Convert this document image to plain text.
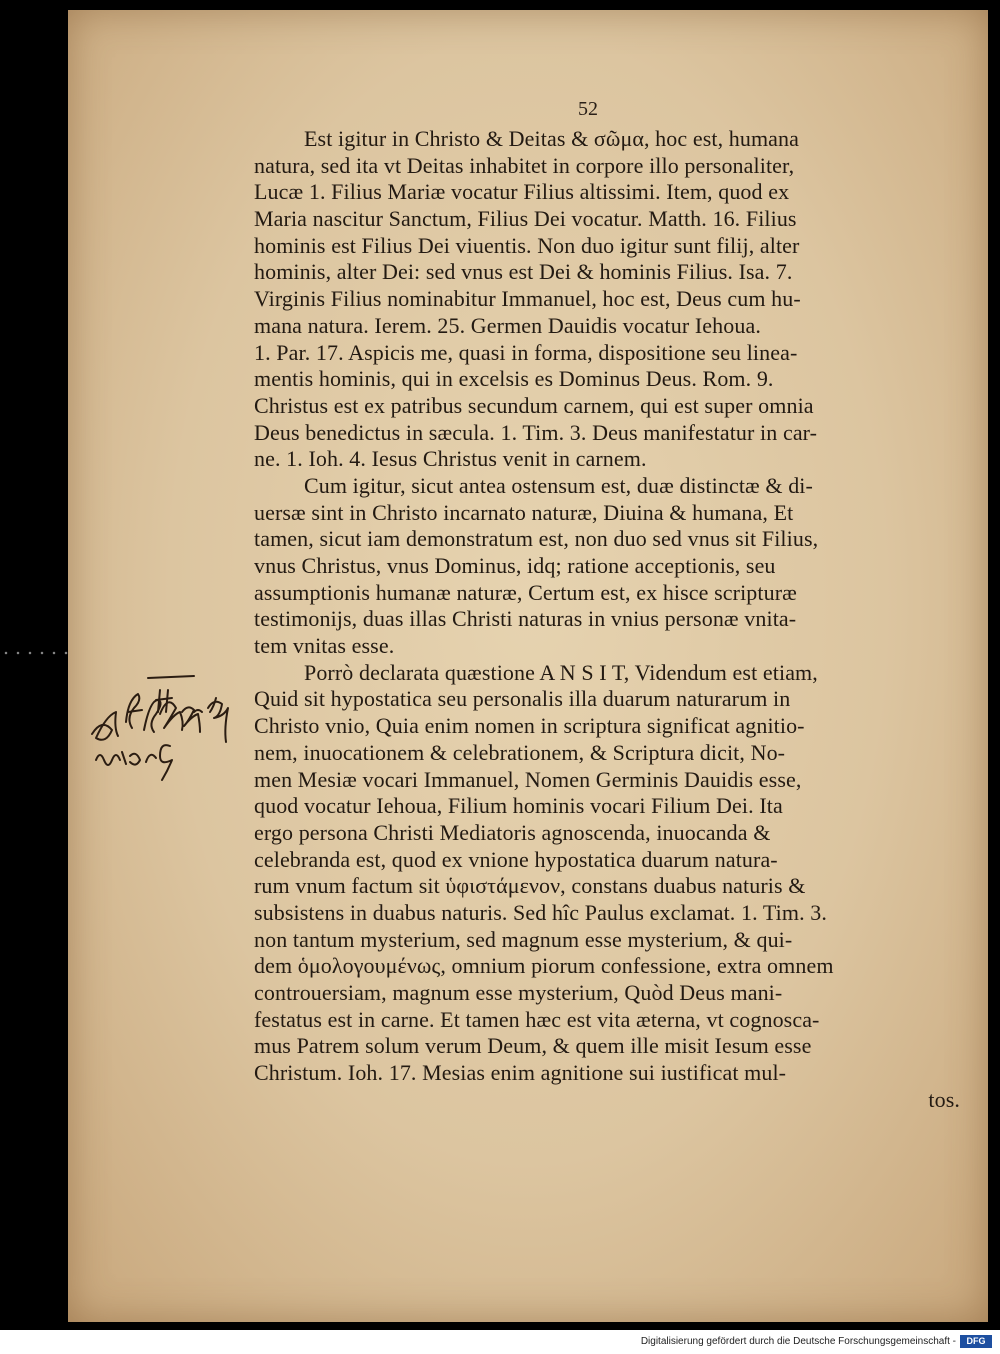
52
Est igitur in Christo & Deitas & σῶμα, hoc est, humana
natura, sed ita vt Deitas inhabitet in corpore illo personaliter,
Lucæ 1. Filius Mariæ vocatur Filius altissimi. Item, quod ex
Maria nascitur Sanctum, Filius Dei vocatur. Matth. 16. Filius
hominis est Filius Dei viuentis. Non duo igitur sunt filij, alter
hominis, alter Dei: sed vnus est Dei & hominis Filius. Isa. 7.
Virginis Filius nominabitur Immanuel, hoc est, Deus cum hu-
mana natura. Ierem. 25. Germen Dauidis vocatur Iehoua.
1. Par. 17. Aspicis me, quasi in forma, dispositione seu linea-
mentis hominis, qui in excelsis es Dominus Deus. Rom. 9.
Christus est ex patribus secundum carnem, qui est super omnia
Deus benedictus in sæcula. 1. Tim. 3. Deus manifestatur in car-
ne. 1. Ioh. 4. Iesus Christus venit in carnem.
Cum igitur, sicut antea ostensum est, duæ distinctæ & di-
uersæ sint in Christo incarnato naturæ, Diuina & humana, Et
tamen, sicut iam demonstratum est, non duo sed vnus sit Filius,
vnus Christus, vnus Dominus, idq; ratione acceptionis, seu
assumptionis humanæ naturæ, Certum est, ex hisce scripturæ
testimonijs, duas illas Christi naturas in vnius personæ vnita-
tem vnitas esse.
Porrò declarata quæstione A N S I T, Videndum est etiam,
Quid sit hypostatica seu personalis illa duarum naturarum in
Christo vnio, Quia enim nomen in scriptura significat agnitio-
nem, inuocationem & celebrationem, & Scriptura dicit, No-
men Mesiæ vocari Immanuel, Nomen Germinis Dauidis esse,
quod vocatur Iehoua, Filium hominis vocari Filium Dei. Ita
ergo persona Christi Mediatoris agnoscenda, inuocanda &
celebranda est, quod ex vnione hypostatica duarum natura-
rum vnum factum sit ὑφιστάμενον, constans duabus naturis &
subsistens in duabus naturis. Sed hîc Paulus exclamat. 1. Tim. 3.
non tantum mysterium, sed magnum esse mysterium, & qui-
dem ὁμολογουμένως, omnium piorum confessione, extra omnem
controuersiam, magnum esse mysterium, Quòd Deus mani-
festatus est in carne. Et tamen hæc est vita æterna, vt cognosca-
mus Patrem solum verum Deum, & quem ille misit Iesum esse
Christum. Ioh. 17. Mesias enim agnitione sui iustificat mul-
tos.
Digitalisierung gefördert durch die Deutsche Forschungsgemeinschaft -	DFG
